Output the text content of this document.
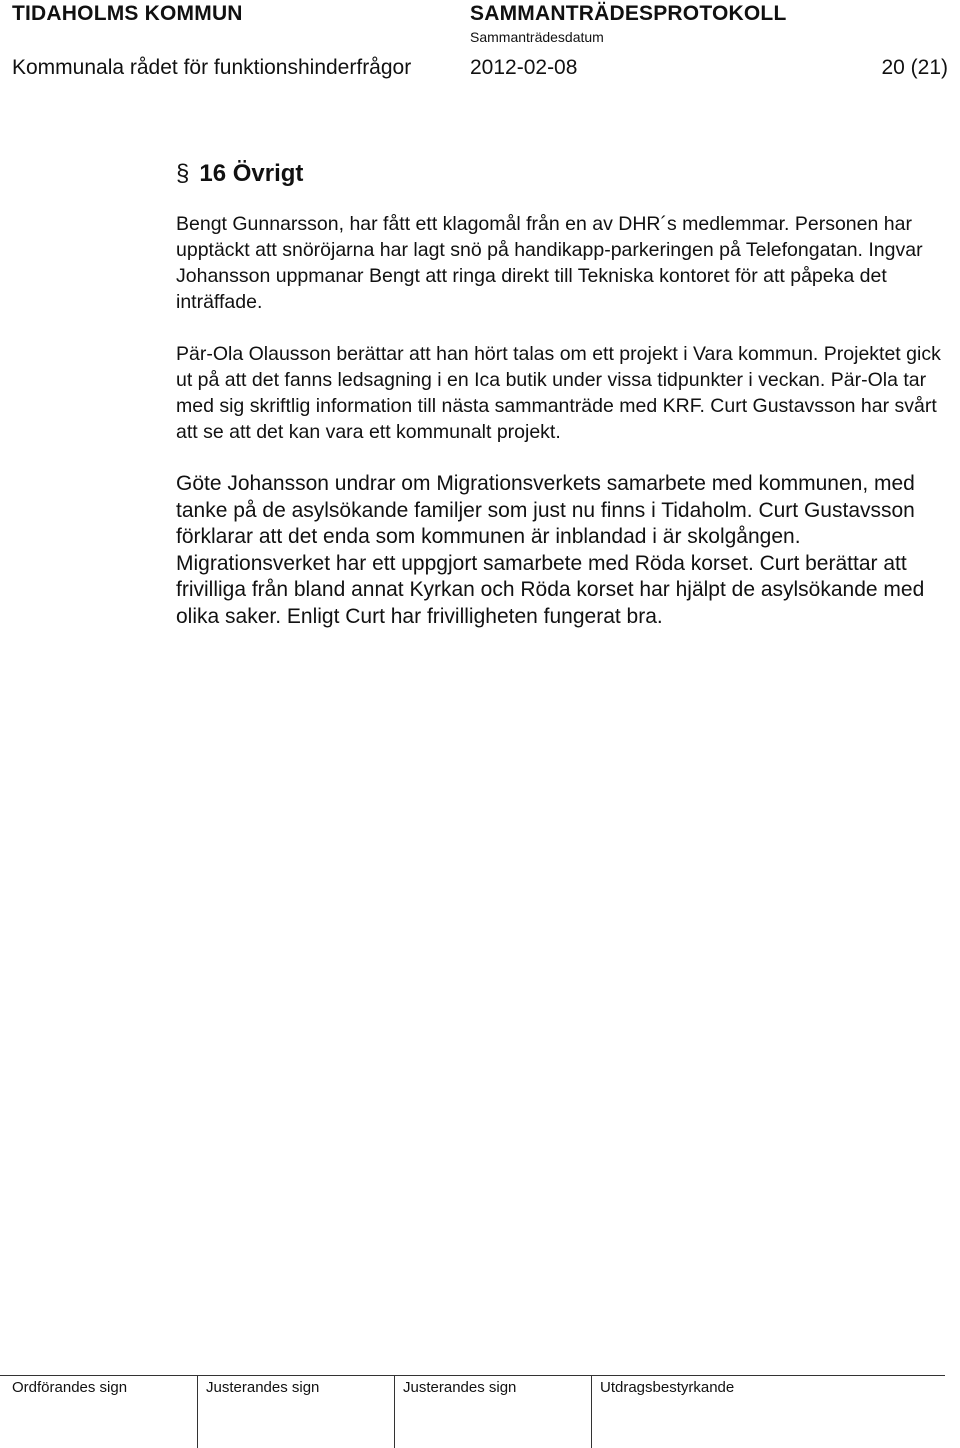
TIDAHOLMS KOMMUN	SAMMANTRÄDESPROTOKOLL
Sammanträdesdatum
Kommunala rådet för funktionshinderfrågor	2012-02-08	20 (21)
§ 16 Övrigt

Bengt Gunnarsson, har fått ett klagomål från en av DHR´s medlemmar. Personen har upptäckt att snöröjarna har lagt snö på handikapp-parkeringen på Telefongatan. Ingvar Johansson uppmanar Bengt att ringa direkt till Tekniska kontoret för att påpeka det inträffade.

Pär-Ola Olausson berättar att han hört talas om ett projekt i Vara kommun. Projektet gick ut på att det fanns ledsagning i en Ica butik under vissa tidpunkter i veckan. Pär-Ola tar med sig skriftlig information till nästa sammanträde med KRF. Curt Gustavsson har svårt att se att det kan vara ett kommunalt projekt.

Göte Johansson undrar om Migrationsverkets samarbete med kommunen, med tanke på de asylsökande familjer som just nu finns i Tidaholm. Curt Gustavsson förklarar att det enda som kommunen är inblandad i är skolgången. Migrationsverket har ett uppgjort samarbete med Röda korset. Curt berättar att frivilliga från bland annat Kyrkan och Röda korset har hjälpt de asylsökande med olika saker. Enligt Curt har frivilligheten fungerat bra.

Ordförandes sign	Justerandes sign	Justerandes sign	Utdragsbestyrkande
